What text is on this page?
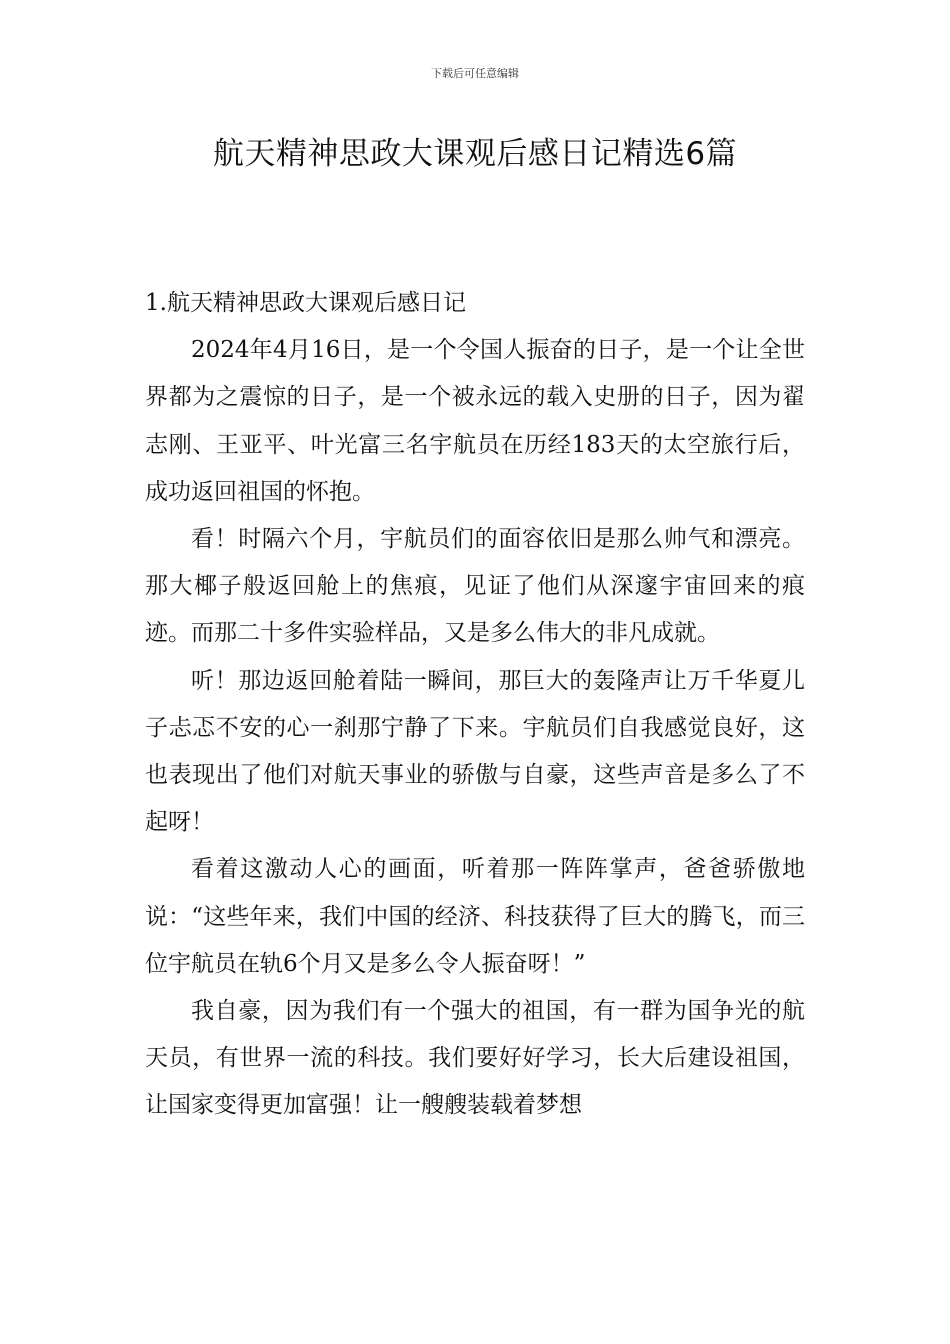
下载后可任意编辑
航天精神思政大课观后感日记精选6篇
1.航天精神思政大课观后感日记

2024年4月16日，是一个令国人振奋的日子，是一个让全世界都为之震惊的日子，是一个被永远的载入史册的日子，因为翟志刚、王亚平、叶光富三名宇航员在历经183天的太空旅行后，成功返回祖国的怀抱。

看！时隔六个月，宇航员们的面容依旧是那么帅气和漂亮。那大椰子般返回舱上的焦痕，见证了他们从深邃宇宙回来的痕迹。而那二十多件实验样品，又是多么伟大的非凡成就。

听！那边返回舱着陆一瞬间，那巨大的轰隆声让万千华夏儿子忐忑不安的心一刹那宁静了下来。宇航员们自我感觉良好，这也表现出了他们对航天事业的骄傲与自豪，这些声音是多么了不起呀！

看着这激动人心的画面，听着那一阵阵掌声，爸爸骄傲地说：“这些年来，我们中国的经济、科技获得了巨大的腾飞，而三位宇航员在轨6个月又是多么令人振奋呀！”

我自豪，因为我们有一个强大的祖国，有一群为国争光的航天员，有世界一流的科技。我们要好好学习，长大后建设祖国，让国家变得更加富强！让一艘艘装载着梦想
